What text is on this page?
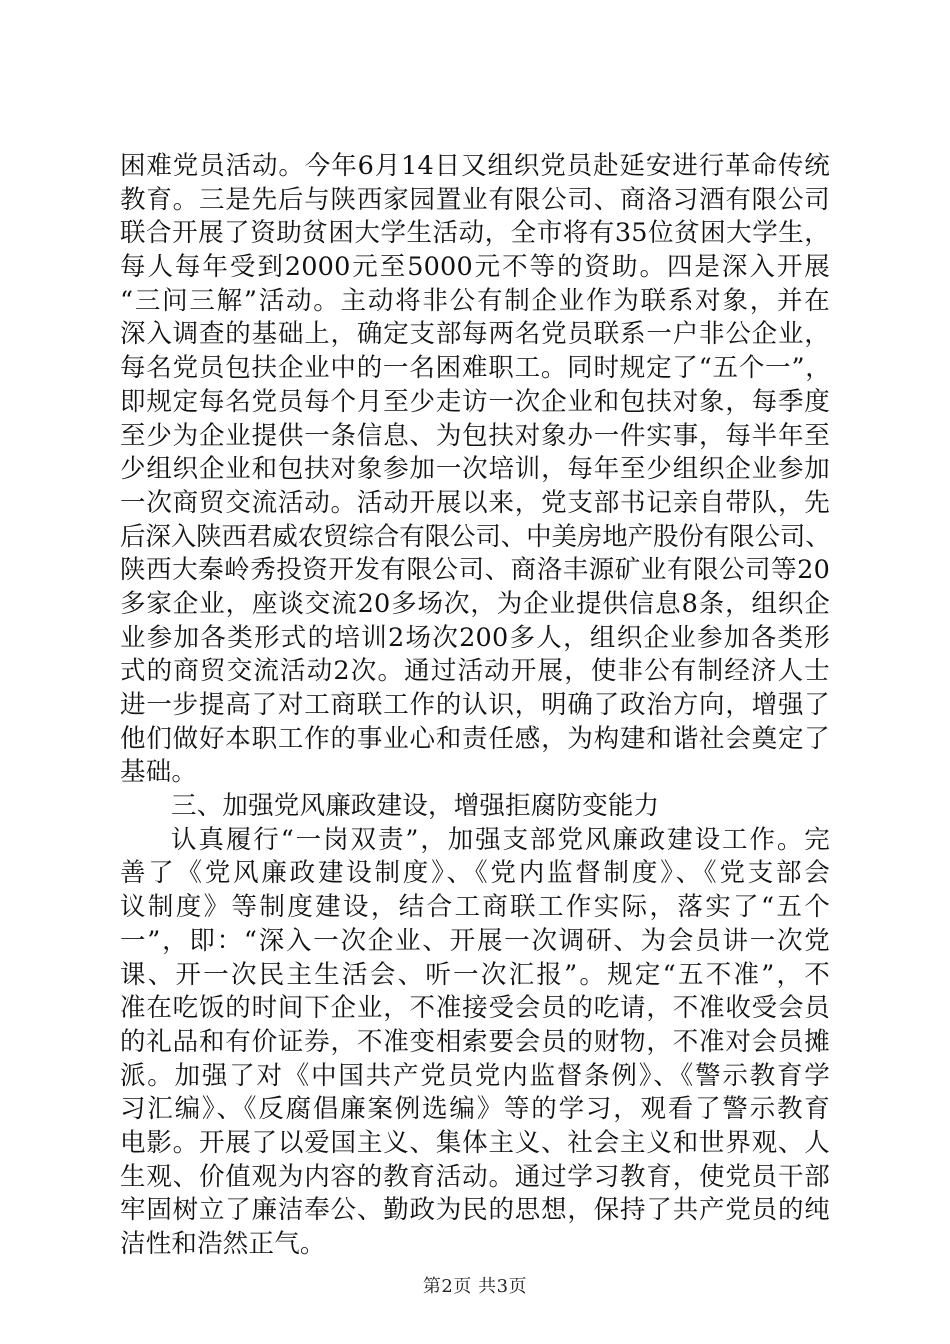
困难党员活动。今年6月14日又组织党员赴延安进行革命传统
教育。三是先后与陕西家园置业有限公司、商洛习酒有限公司
联合开展了资助贫困大学生活动，全市将有35位贫困大学生，
每人每年受到2000元至5000元不等的资助。四是深入开展
“三问三解”活动。主动将非公有制企业作为联系对象，并在
深入调查的基础上，确定支部每两名党员联系一户非公企业，
每名党员包扶企业中的一名困难职工。同时规定了“五个一”，
即规定每名党员每个月至少走访一次企业和包扶对象，每季度
至少为企业提供一条信息、为包扶对象办一件实事，每半年至
少组织企业和包扶对象参加一次培训，每年至少组织企业参加
一次商贸交流活动。活动开展以来，党支部书记亲自带队，先
后深入陕西君威农贸综合有限公司、中美房地产股份有限公司、
陕西大秦岭秀投资开发有限公司、商洛丰源矿业有限公司等20
多家企业，座谈交流20多场次，为企业提供信息8条，组织企
业参加各类形式的培训2场次200多人，组织企业参加各类形
式的商贸交流活动2次。通过活动开展，使非公有制经济人士
进一步提高了对工商联工作的认识，明确了政治方向，增强了
他们做好本职工作的事业心和责任感，为构建和谐社会奠定了
基础。
三、加强党风廉政建设，增强拒腐防变能力
认真履行“一岗双责”，加强支部党风廉政建设工作。完
善了《党风廉政建设制度》、《党内监督制度》、《党支部会
议制度》等制度建设，结合工商联工作实际，落实了“五个
一”，即：“深入一次企业、开展一次调研、为会员讲一次党
课、开一次民主生活会、听一次汇报”。规定“五不准”，不
准在吃饭的时间下企业，不准接受会员的吃请，不准收受会员
的礼品和有价证券，不准变相索要会员的财物，不准对会员摊
派。加强了对《中国共产党员党内监督条例》、《警示教育学
习汇编》、《反腐倡廉案例选编》等的学习，观看了警示教育
电影。开展了以爱国主义、集体主义、社会主义和世界观、人
生观、价值观为内容的教育活动。通过学习教育，使党员干部
牢固树立了廉洁奉公、勤政为民的思想，保持了共产党员的纯
洁性和浩然正气。
第2页 共3页
